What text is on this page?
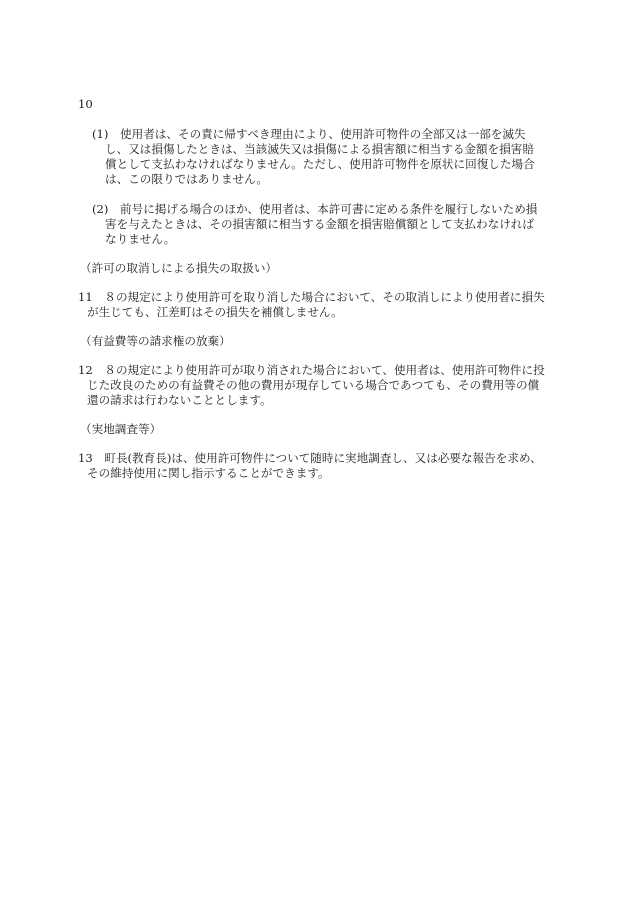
10
(1)　使用者は、その責に帰すべき理由により、使用許可物件の全部又は一部を滅失
し、又は損傷したときは、当該滅失又は損傷による損害額に相当する金額を損害賠
償として支払わなければなりません。ただし、使用許可物件を原状に回復した場合
は、この限りではありません。
(2)　前号に掲げる場合のほか、使用者は、本許可書に定める条件を履行しないため損
害を与えたときは、その損害額に相当する金額を損害賠償額として支払わなければ
なりません。
（許可の取消しによる損失の取扱い）
11　８の規定により使用許可を取り消した場合において、その取消しにより使用者に損失
が生じても、江差町はその損失を補償しません。
（有益費等の請求権の放棄）
12　８の規定により使用許可が取り消された場合において、使用者は、使用許可物件に投
じた改良のための有益費その他の費用が現存している場合であつても、その費用等の償
還の請求は行わないこととします。
（実地調査等）
13　町長(教育長)は、使用許可物件について随時に実地調査し、又は必要な報告を求め、
その維持使用に関し指示することができます。
